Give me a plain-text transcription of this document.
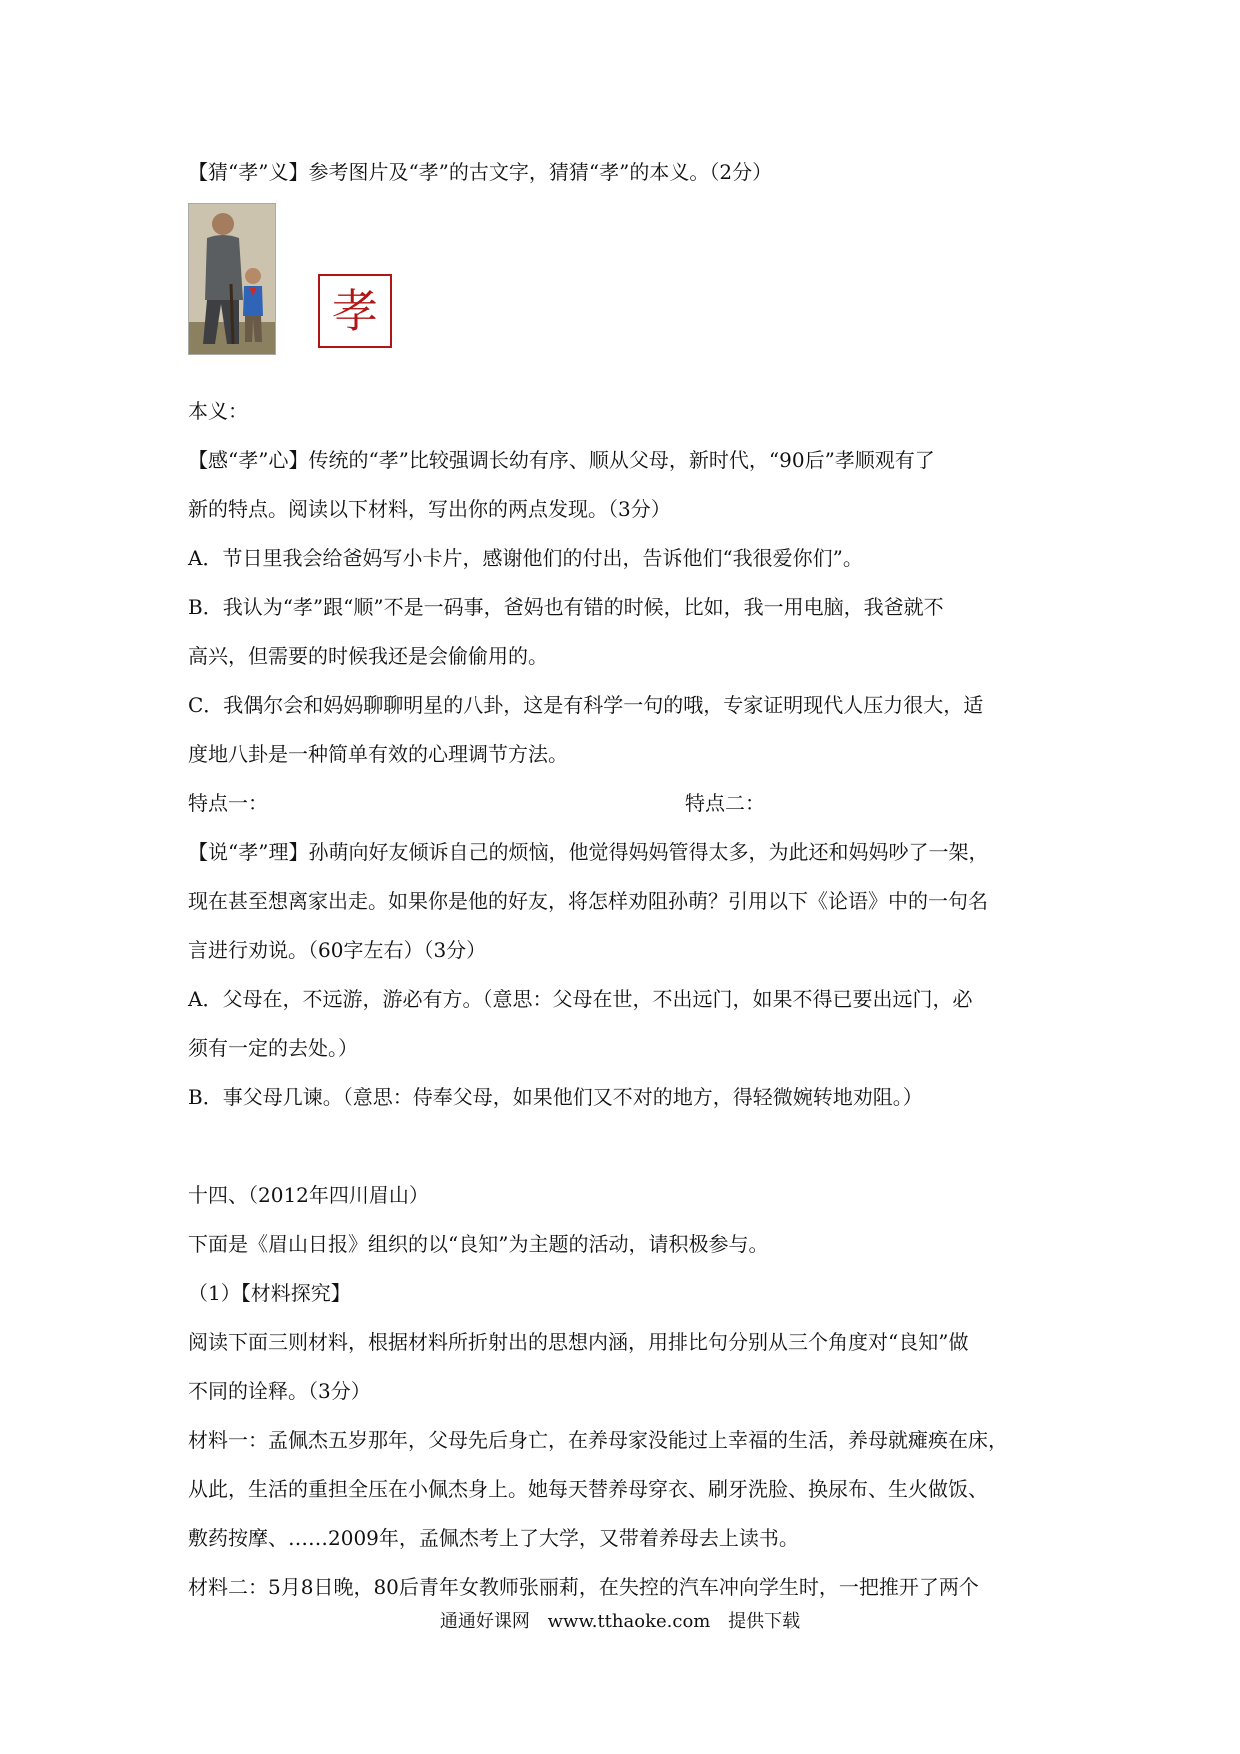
【猜“孝”义】参考图片及“孝”的古文字，猜猜“孝”的本义。（2分）

孝

本义：

【感“孝”心】传统的“孝”比较强调长幼有序、顺从父母，新时代，“90后”孝顺观有了

新的特点。阅读以下材料，写出你的两点发现。（3分）

A．节日里我会给爸妈写小卡片，感谢他们的付出，告诉他们“我很爱你们”。

B．我认为“孝”跟“顺”不是一码事，爸妈也有错的时候，比如，我一用电脑，我爸就不

高兴，但需要的时候我还是会偷偷用的。

C．我偶尔会和妈妈聊聊明星的八卦，这是有科学一句的哦，专家证明现代人压力很大，适

度地八卦是一种简单有效的心理调节方法。

特点一：	特点二：

【说“孝”理】孙萌向好友倾诉自己的烦恼，他觉得妈妈管得太多，为此还和妈妈吵了一架，

现在甚至想离家出走。如果你是他的好友，将怎样劝阻孙萌？引用以下《论语》中的一句名

言进行劝说。（60字左右）（3分）

A．父母在，不远游，游必有方。（意思：父母在世，不出远门，如果不得已要出远门，必

须有一定的去处。）

B．事父母几谏。（意思：侍奉父母，如果他们又不对的地方，得轻微婉转地劝阻。）

十四、（2012年四川眉山）

下面是《眉山日报》组织的以“良知”为主题的活动，请积极参与。

（1）【材料探究】

阅读下面三则材料，根据材料所折射出的思想内涵，用排比句分别从三个角度对“良知”做

不同的诠释。（3分）

材料一：孟佩杰五岁那年，父母先后身亡，在养母家没能过上幸福的生活，养母就瘫痪在床，

从此，生活的重担全压在小佩杰身上。她每天替养母穿衣、刷牙洗脸、换尿布、生火做饭、

敷药按摩、……2009年，孟佩杰考上了大学，又带着养母去上读书。

材料二：5月8日晚，80后青年女教师张丽莉，在失控的汽车冲向学生时，一把推开了两个

通通好课网 www.tthaoke.com 提供下载
